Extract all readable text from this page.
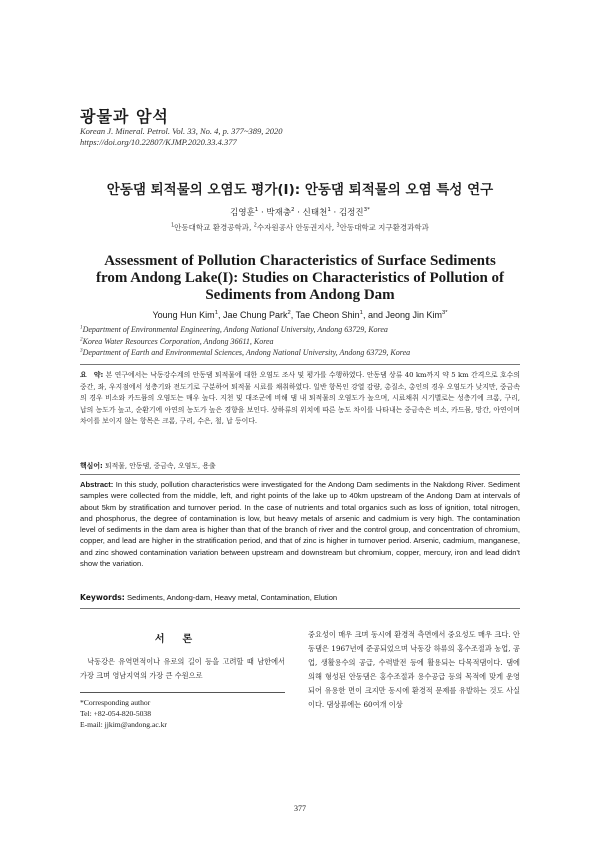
광물과 암석
Korean J. Mineral. Petrol. Vol. 33, No. 4, p. 377~389, 2020
https://doi.org/10.22807/KJMP.2020.33.4.377
안동댐 퇴적물의 오염도 평가(I): 안동댐 퇴적물의 오염 특성 연구
김영훈$^1$ · 박재충$^2$ · 신태천$^1$ · 김정진$^{3*}$
$^1$안동대학교 환경공학과, $^2$수자원공사 안동권지사, $^3$안동대학교 지구환경과학과
Assessment of Pollution Characteristics of Surface Sediments from Andong Lake(I): Studies on Characteristics of Pollution of Sediments from Andong Dam
Young Hun Kim$^1$, Jae Chung Park$^2$, Tae Cheon Shin$^1$, and Jeong Jin Kim$^{3*}$
$^1$Department of Environmental Engineering, Andong National University, Andong 63729, Korea
$^2$Korea Water Resources Corporation, Andong 36611, Korea
$^3$Department of Earth and Environmental Sciences, Andong National University, Andong 63729, Korea
요　약: 본 연구에서는 낙동강수계의 안동댐 퇴적물에 대한 오염도 조사 및 평가를 수행하였다. 안동댐 상류 40 km까지 약 5 km 간격으로 호수의 중간, 좌, 우지점에서 성층기와 전도기로 구분하여 퇴적물 시료를 채취하였다. 일반 항목인 강열 감량, 총질소, 총인의 경우 오염도가 낮지만, 중금속의 경우 비소와 카드뮴의 오염도는 매우 높다. 지천 및 대조군에 비해 댐 내 퇴적물의 오염도가 높으며, 시료채취 시기별로는 성층기에 크롬, 구리, 납의 농도가 높고, 순환기에 아연의 농도가 높은 경향을 보인다. 상하류의 위치에 따른 농도 차이를 나타내는 중금속은 비소, 카드뮴, 망간, 아연이며 차이를 보이지 않는 항목은 크롬, 구리, 수은, 철, 납 등이다.
핵심어: 퇴적물, 안동댐, 중금속, 오염도, 용출
Abstract: In this study, pollution characteristics were investigated for the Andong Dam sediments in the Nakdong River. Sediment samples were collected from the middle, left, and right points of the lake up to 40km upstream of the Andong Dam at intervals of about 5km by stratification and turnover period. In the case of nutrients and total organics such as loss of ignition, total nitrogen, and phosphorus, the degree of contamination is low, but heavy metals of arsenic and cadmium is very high. The contamination level of sediments in the dam area is higher than that of the branch of river and the control group, and concentration of chromium, copper, and lead are higher in the stratification period, and that of zinc is higher in turnover period. Arsenic, cadmium, manganese, and zinc showed contamination variation between upstream and downstream but chromium, copper, mercury, iron and lead didn't show the variation.
Keywords: Sediments, Andong-dam, Heavy metal, Contamination, Elution
서론
낙동강은 유역면적이나 유로의 길이 등을 고려할 때 남한에서 가장 크며 영남지역의 가장 큰 수원으로
*Corresponding author
Tel: +82-054-820-5038
E-mail: jjkim@andong.ac.kr
중요성이 매우 크며 동시에 환경적 측면에서 중요성도 매우 크다. 안동댐은 1967년에 준공되었으며 낙동강 하류의 홍수조절과 농업, 공업, 생활용수의 공급, 수력발전 등에 활용되는 다목적댐이다. 댐에 의해 형성된 안동댐은 홍수조절과 용수공급 등의 목적에 맞게 운영되어 유용한 면이 크지만 동시에 환경적 문제를 유발하는 것도 사실이다. 댐상류에는 60여개 이상
377
